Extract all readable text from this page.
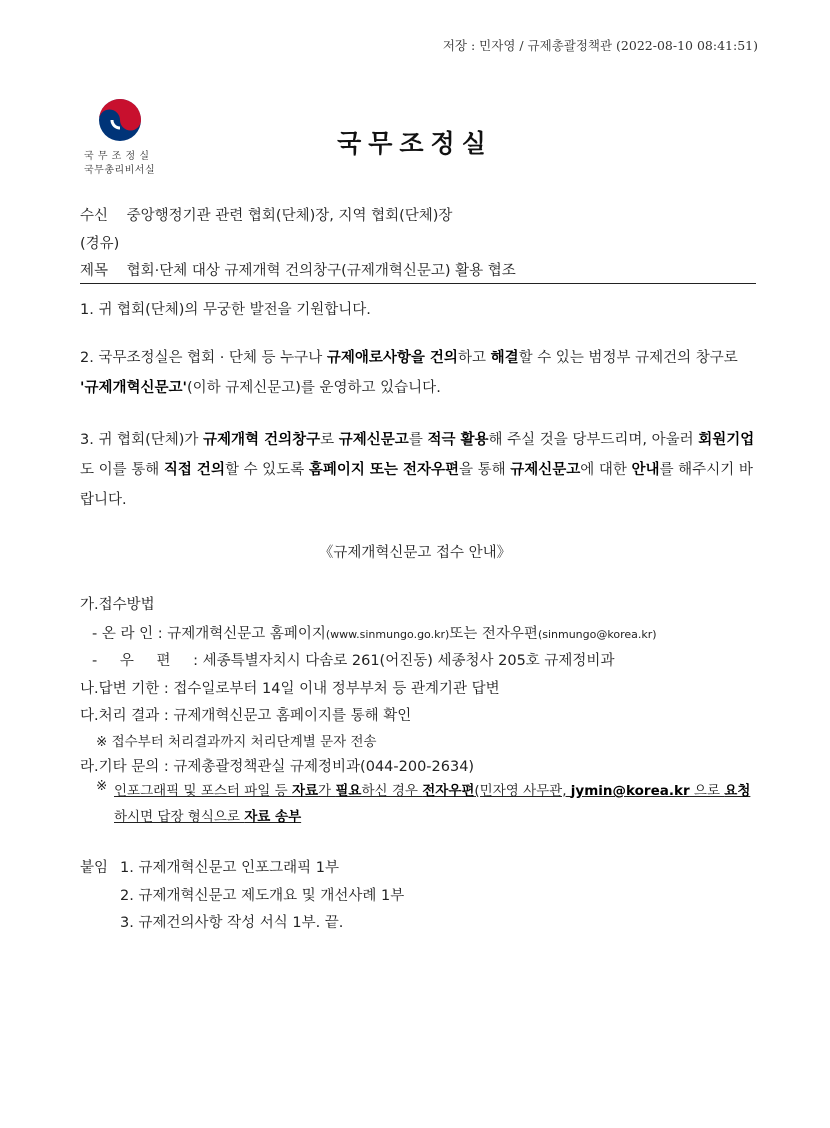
저장 : 민자영 / 규제총괄정책관 (2022-08-10 08:41:51)
국 무 조 정 실
국무총리비서실
국무조정실
수신 중앙행정기관 관련 협회(단체)장, 지역 협회(단체)장
(경유)
제목 협회·단체 대상 규제개혁 건의창구(규제개혁신문고) 활용 협조
1. 귀 협회(단체)의 무궁한 발전을 기원합니다.
2. 국무조정실은 협회 · 단체 등 누구나 규제애로사항을 건의하고 해결할 수 있는 범정부 규제건의 창구로 '규제개혁신문고'(이하 규제신문고)를 운영하고 있습니다.
3. 귀 협회(단체)가 규제개혁 건의창구로 규제신문고를 적극 활용해 주실 것을 당부드리며, 아울러 회원기업도 이를 통해 직접 건의할 수 있도록 홈페이지 또는 전자우편을 통해 규제신문고에 대한 안내를 해주시기 바랍니다.
《규제개혁신문고 접수 안내》
가.접수방법
- 온 라 인 : 규제개혁신문고 홈페이지(www.sinmungo.go.kr)또는 전자우편(sinmungo@korea.kr)
- 우 편 : 세종특별자치시 다솜로 261(어진동) 세종청사 205호 규제정비과
나.답변 기한 : 접수일로부터 14일 이내 정부부처 등 관계기관 답변
다.처리 결과 : 규제개혁신문고 홈페이지를 통해 확인
※ 접수부터 처리결과까지 처리단계별 문자 전송
라.기타 문의 : 규제총괄정책관실 규제정비과(044-200-2634)
※ 인포그래픽 및 포스터 파일 등 자료가 필요하신 경우 전자우편(민자영 사무관, jymin@korea.kr 으로 요청하시면 답장 형식으로 자료 송부
붙임 1. 규제개혁신문고 인포그래픽 1부
2. 규제개혁신문고 제도개요 및 개선사례 1부
3. 규제건의사항 작성 서식 1부. 끝.
